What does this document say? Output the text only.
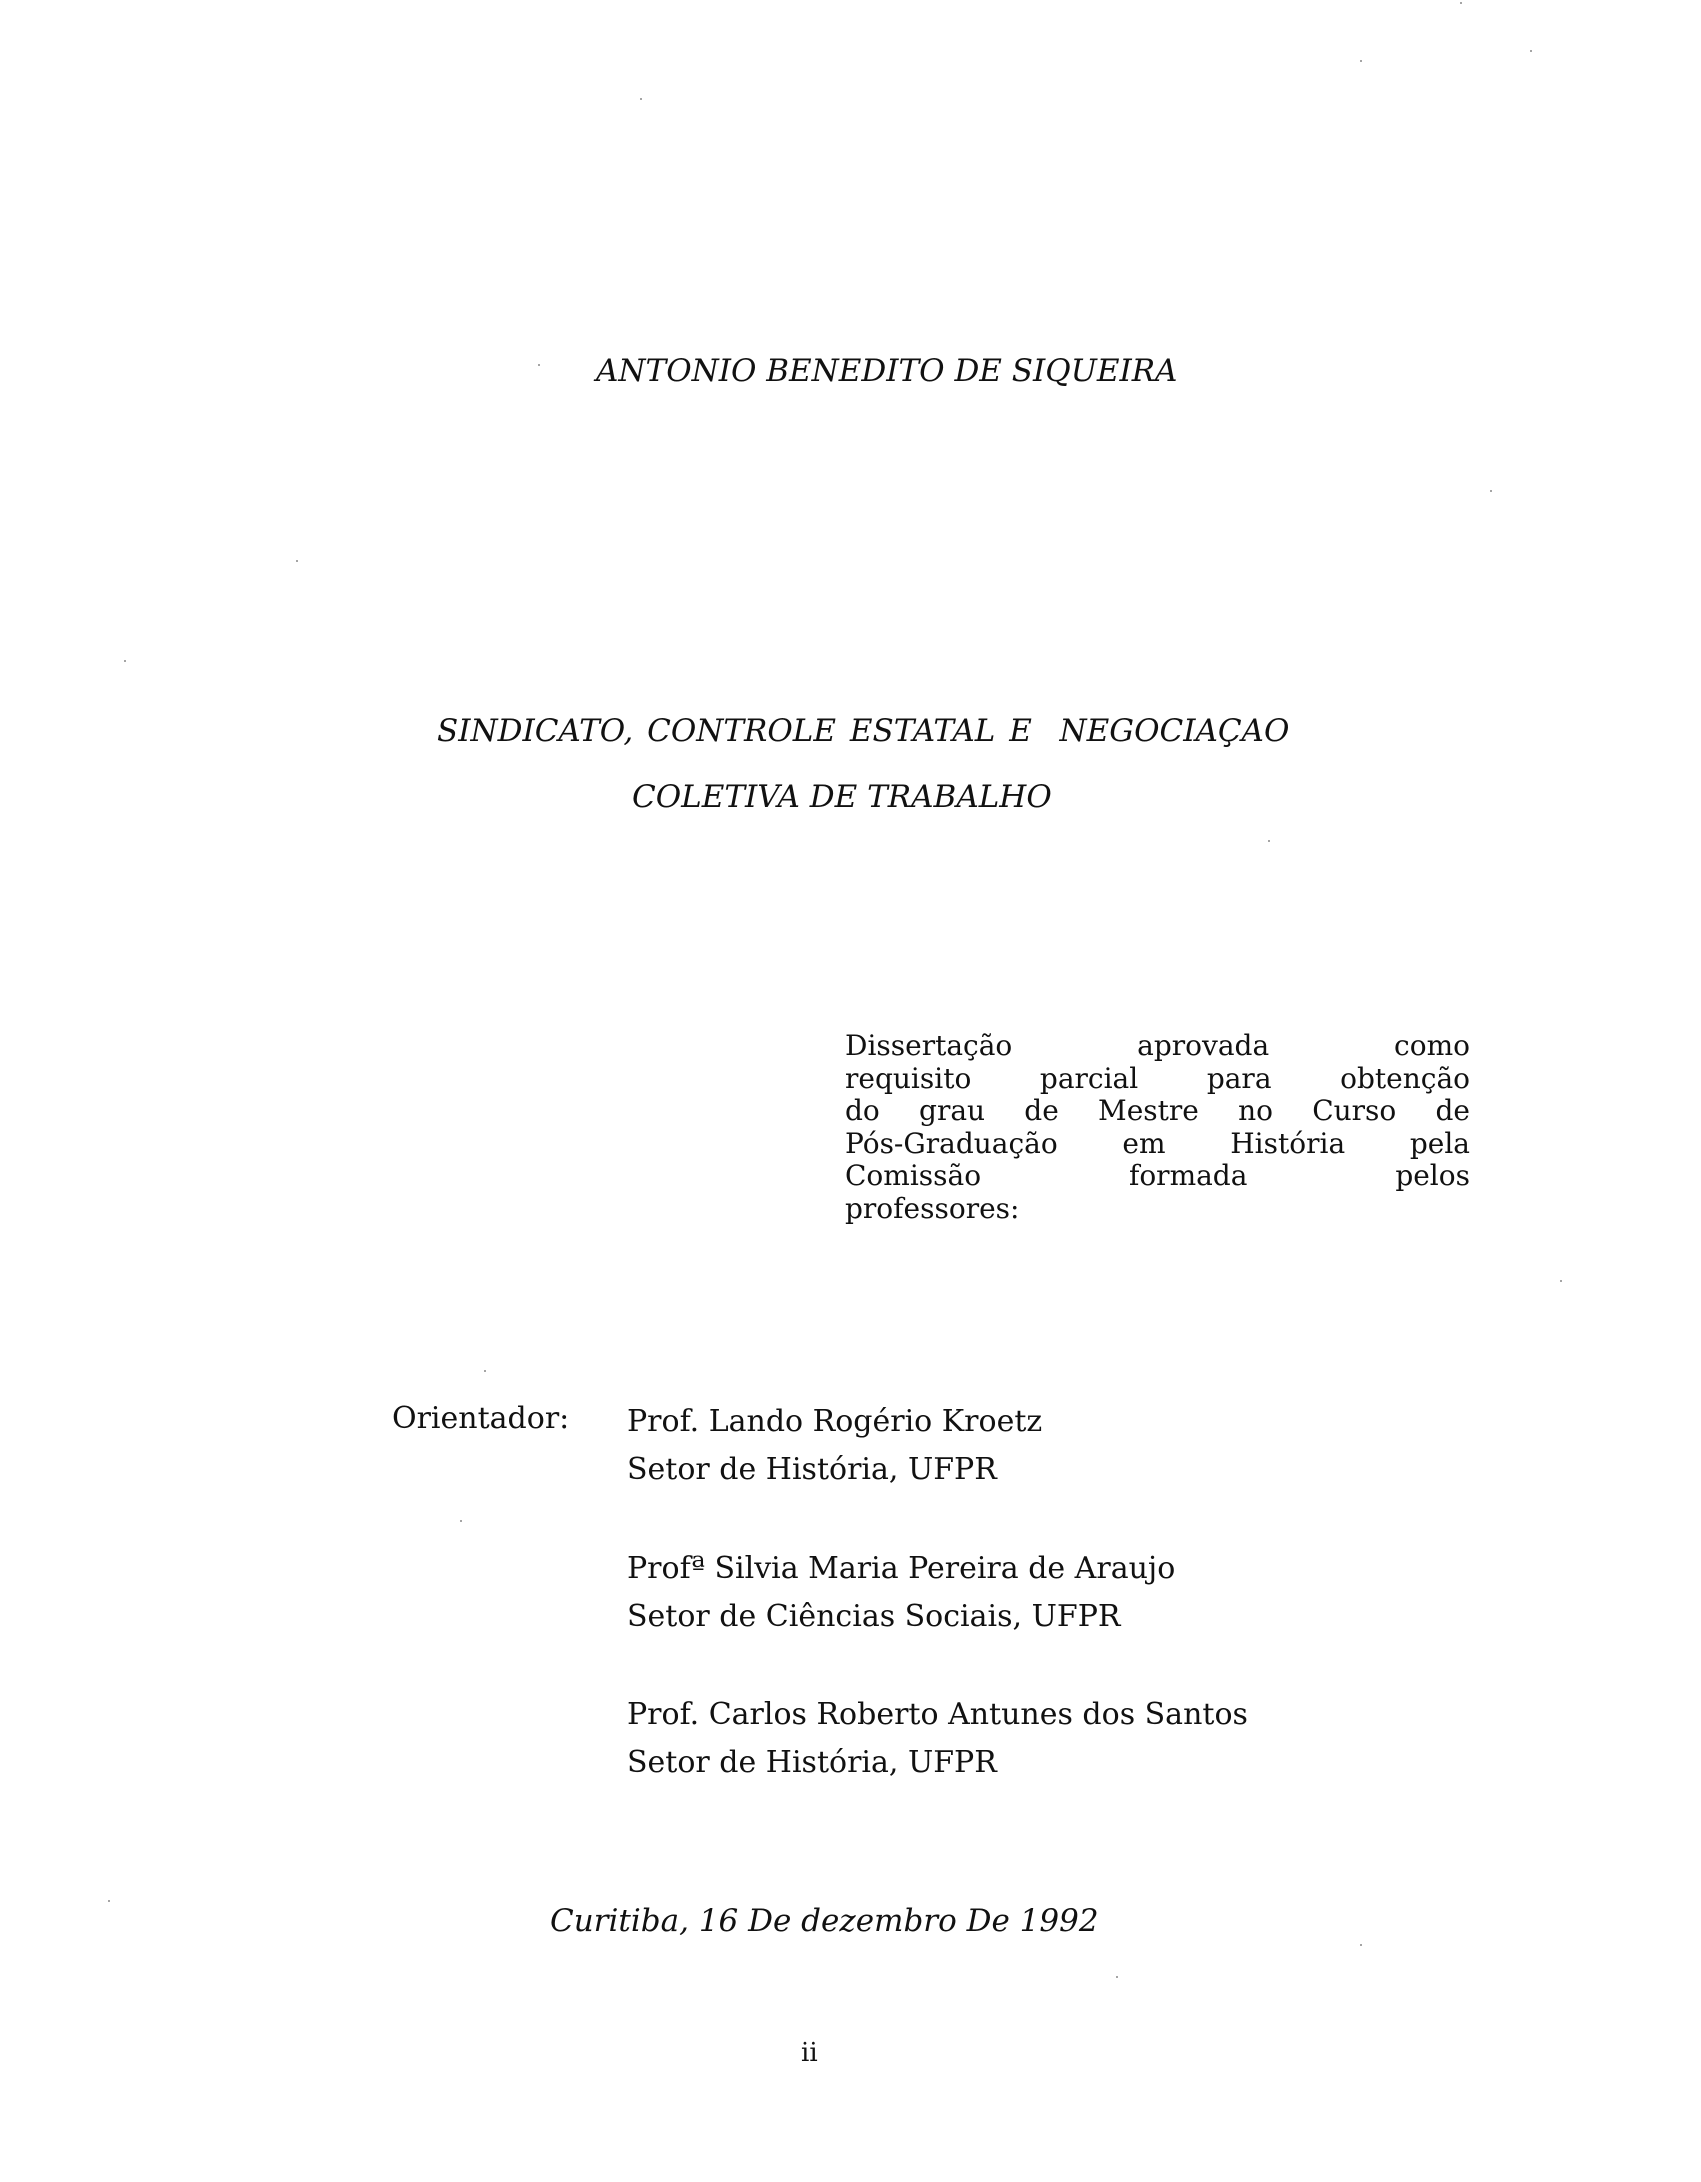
ANTONIO BENEDITO DE SIQUEIRA
SINDICATO, CONTROLE ESTATAL E  NEGOCIAÇAO
COLETIVA DE TRABALHO
Dissertação aprovada como
requisito parcial para obtenção
do grau de Mestre no Curso de
Pós-Graduação em História pela
Comissão formada pelos
professores:
Orientador: Prof. Lando Rogério Kroetz
Setor de História, UFPR
Profª Silvia Maria Pereira de Araujo
Setor de Ciências Sociais, UFPR
Prof. Carlos Roberto Antunes dos Santos
Setor de História, UFPR
Curitiba, 16 De dezembro De 1992
ii
